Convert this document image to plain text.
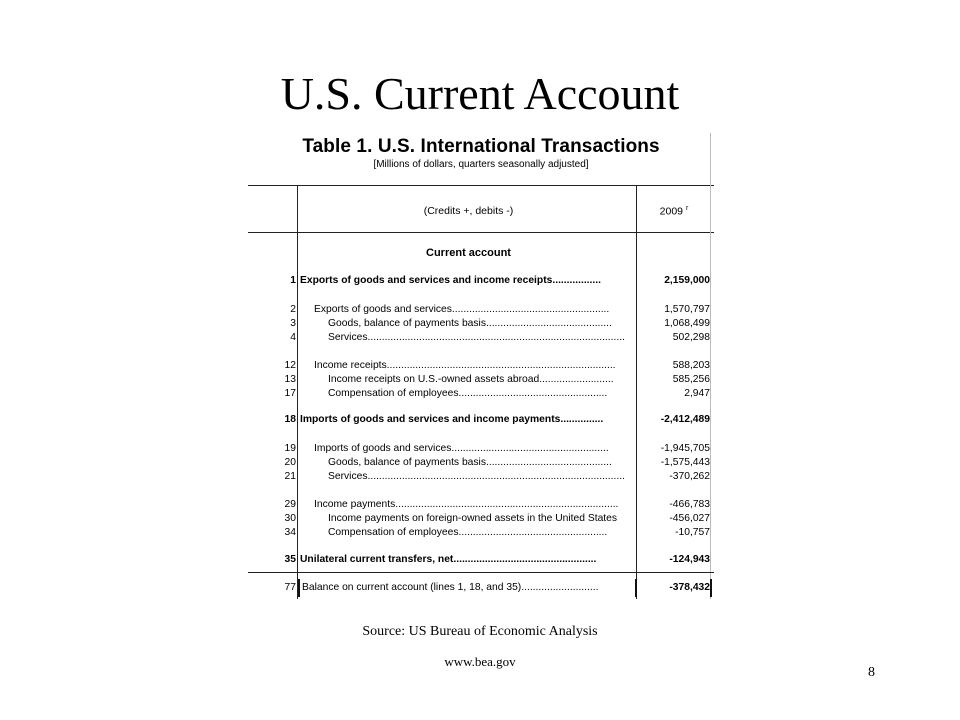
U.S. Current Account
Table 1. U.S. International Transactions
[Millions of dollars, quarters seasonally adjusted]
(Credits +, debits -)	2009 $^r$
Current account
1 Exports of goods and services and income receipts.................	2,159,000
2 Exports of goods and services.......................................................	1,570,797
3	Goods, balance of payments basis............................................	1,068,499
4	Services..........................................................................................	502,298
12 Income receipts................................................................................	588,203
13	Income receipts on U.S.-owned assets abroad..........................	585,256
17	Compensation of employees....................................................	2,947
18 Imports of goods and services and income payments...............	-2,412,489
19 Imports of goods and services.......................................................	-1,945,705
20	Goods, balance of payments basis............................................	-1,575,443
21	Services..........................................................................................	-370,262
29 Income payments..............................................................................	-466,783
30	Income payments on foreign-owned assets in the United States	-456,027
34	Compensation of employees....................................................	-10,757
35 Unilateral current transfers, net..................................................	-124,943
77 Balance on current account (lines 1, 18, and 35)...........................	-378,432
Source: US Bureau of Economic Analysis
www.bea.gov
8
